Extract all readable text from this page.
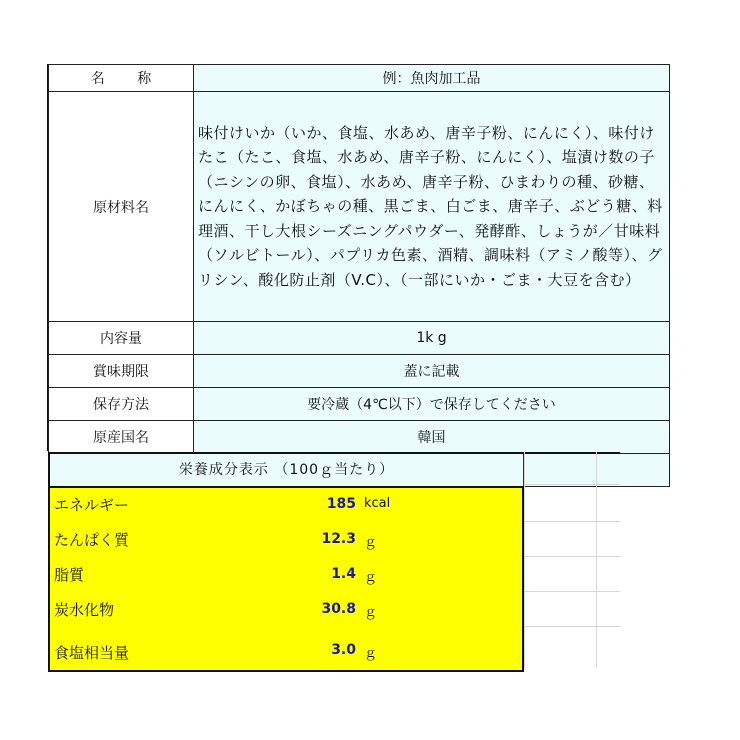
名 称	例：魚肉加工品
原材料名	味付けいか（いか、食塩、水あめ、唐辛子粉、にんにく）、味付けたこ（たこ、食塩、水あめ、唐辛子粉、にんにく）、塩漬け数の子（ニシンの卵、食塩）、水あめ、唐辛子粉、ひまわりの種、砂糖、にんにく、かぼちゃの種、黒ごま、白ごま、唐辛子、ぶどう糖、料理酒、干し大根シーズニングパウダー、発酵酢、しょうが／甘味料（ソルビトール）、パプリカ色素、酒精、調味料（アミノ酸等）、グリシン、酸化防止剤（V.C）、（一部にいか・ごま・大豆を含む）
内容量	1k g
賞味期限	蓋に記載
保存方法	要冷蔵（4℃以下）で保存してください
原産国名	韓国

栄養成分表示 （100ｇ当たり）
エネルギー	185 kcal
たんぱく質	12.3 ｇ
脂質	1.4 ｇ
炭水化物	30.8 ｇ
食塩相当量	3.0 ｇ
